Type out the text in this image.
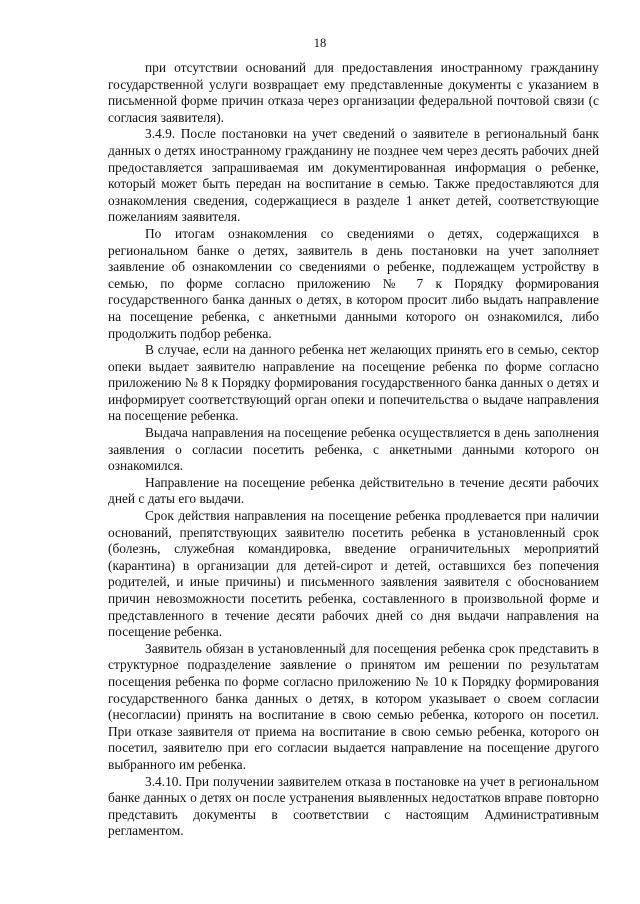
18

при отсутствии оснований для предоставления иностранному гражданину государственной услуги возвращает ему представленные документы с указанием в письменной форме причин отказа через организации федеральной почтовой связи (с согласия заявителя).

3.4.9. После постановки на учет сведений о заявителе в региональный банк данных о детях иностранному гражданину не позднее чем через десять рабочих дней предоставляется запрашиваемая им документированная информация о ребенке, который может быть передан на воспитание в семью. Также предоставляются для ознакомления сведения, содержащиеся в разделе 1 анкет детей, соответствующие пожеланиям заявителя.

По итогам ознакомления со сведениями о детях, содержащихся в региональном банке о детях, заявитель в день постановки на учет заполняет заявление об ознакомлении со сведениями о ребенке, подлежащем устройству в семью, по форме согласно приложению № 7 к Порядку формирования государственного банка данных о детях, в котором просит либо выдать направление на посещение ребенка, с анкетными данными которого он ознакомился, либо продолжить подбор ребенка.

В случае, если на данного ребенка нет желающих принять его в семью, сектор опеки выдает заявителю направление на посещение ребенка по форме согласно приложению № 8 к Порядку формирования государственного банка данных о детях и информирует соответствующий орган опеки и попечительства о выдаче направления на посещение ребенка.

Выдача направления на посещение ребенка осуществляется в день заполнения заявления о согласии посетить ребенка, с анкетными данными которого он ознакомился.

Направление на посещение ребенка действительно в течение десяти рабочих дней с даты его выдачи.

Срок действия направления на посещение ребенка продлевается при наличии оснований, препятствующих заявителю посетить ребенка в установленный срок (болезнь, служебная командировка, введение ограничительных мероприятий (карантина) в организации для детей-сирот и детей, оставшихся без попечения родителей, и иные причины) и письменного заявления заявителя с обоснованием причин невозможности посетить ребенка, составленного в произвольной форме и представленного в течение десяти рабочих дней со дня выдачи направления на посещение ребенка.

Заявитель обязан в установленный для посещения ребенка срок представить в структурное подразделение заявление о принятом им решении по результатам посещения ребенка по форме согласно приложению № 10 к Порядку формирования государственного банка данных о детях, в котором указывает о своем согласии (несогласии) принять на воспитание в свою семью ребенка, которого он посетил. При отказе заявителя от приема на воспитание в свою семью ребенка, которого он посетил, заявителю при его согласии выдается направление на посещение другого выбранного им ребенка.

3.4.10. При получении заявителем отказа в постановке на учет в региональном банке данных о детях он после устранения выявленных недостатков вправе повторно представить документы в соответствии с настоящим Административным регламентом.
